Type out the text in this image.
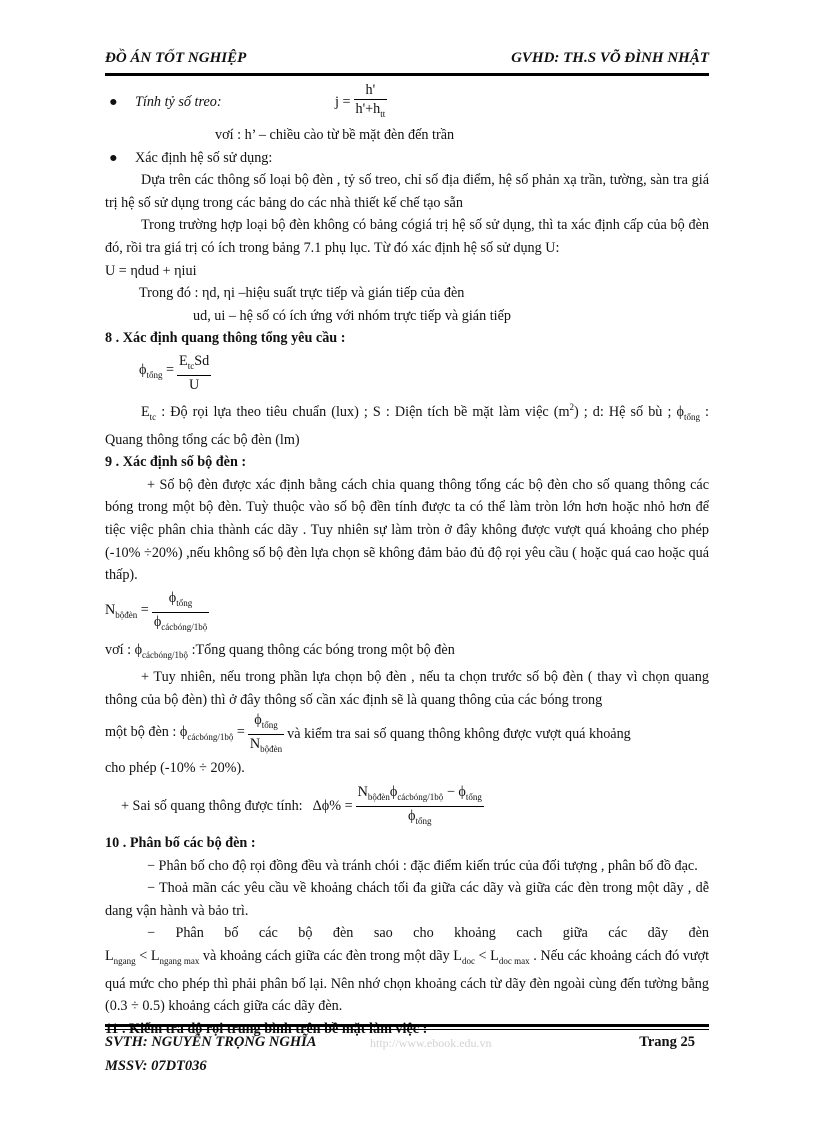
ĐỒ ÁN TỐT NGHIỆP	GVHD: TH.S VÕ ĐÌNH NHẬT
●	Tính tỷ số treo:	$j = \frac{h'}{h'+h_{tt}}$

vơí : h’ – chiều cào từ bề mặt đèn đến trần

● Xác định hệ số sử dụng:

Dựa trên các thông số loại bộ đèn , tỷ số treo, chỉ số địa điểm, hệ số phản xạ trần, tường, sàn tra giá trị hệ số sử dụng trong các bảng do các nhà thiết kế chế tạo sẵn

Trong trường hợp loại bộ đèn không có bảng cógiá trị hệ số sử dụng, thì ta xác định cấp của bộ đèn đó, rồi tra giá trị có ích trong bảng 7.1 phụ lục. Từ đó xác định hệ số sử dụng U:

U = ηdud + ηiui

Trong đó : ηd, ηi –hiệu suất trực tiếp và gián tiếp của đèn

ud, ui – hệ số có ích ứng với nhóm trực tiếp và gián tiếp

8 . Xác định quang thông tổng yêu cầu :

$\phi_{tổng} = \frac{E_{tc}Sd}{U}$

$E_{tc}$ : Độ rọi lựa theo tiêu chuẩn (lux) ; S : Diện tích bề mặt làm việc $(m^2)$ ; d: Hệ số bù ; $\phi_{tổng}$ : Quang thông tổng các bộ đèn (lm)

9 . Xác định số bộ đèn :

+ Số bộ đèn được xác định bằng cách chia quang thông tổng các bộ đèn cho số quang thông các bóng trong một bộ đèn. Tuỳ thuộc vào số bộ đền tính được ta có thể làm tròn lớn hơn hoặc nhỏ hơn để tiệc việc phân chia thành các dãy . Tuy nhiên sự làm tròn ở đây không được vượt quá khoảng cho phép (-10% ÷20%) ,nếu không số bộ đèn lựa chọn sẽ không đảm bảo đủ độ rọi yêu cầu ( hoặc quá cao hoặc quá thấp).

$N_{bộđèn} = \frac{\phi_{tổng}}{\phi_{cácbóng/1bộ}}$

vơí : $\phi_{cácbóng/1bộ}$ :Tổng quang thông các bóng trong một bộ đèn

+ Tuy nhiên, nếu trong phần lựa chọn bộ đèn , nếu ta chọn trước số bộ đèn ( thay vì chọn quang thông của bộ đèn) thì ở đây thông số cần xác định sẽ là quang thông của các bóng trong

một bộ đèn : $\phi_{cácbóng/1bộ} = \frac{\phi_{tổng}}{N_{bộđèn}}$ và kiểm tra sai số quang thông không được vượt quá khoảng

cho phép (-10% ÷ 20%).

+ Sai số quang thông được tính: $\Delta\phi\% = \frac{N_{bộđèn}\phi_{cácbóng/1bộ} - \phi_{tổng}}{\phi_{tổng}}$

10 . Phân bố các bộ đèn :

− Phân bố cho độ rọi đồng đều và tránh chói : đặc điểm kiến trúc của đối tượng , phân bố đồ đạc.

− Thoả mãn các yêu cầu về khoảng chách tối đa giữa các dãy và giữa các đèn trong một dãy , dễ dang vận hành và bảo trì.

− Phân bố các bộ đèn sao cho khoảng cach giữa các dãy đèn

$L_{ngang} < L_{ngang max}$ và khoảng cách giữa các đèn trong một dãy $L_{doc} < L_{doc max}$ . Nếu các khoảng cách đó vượt quá mức cho phép thì phải phân bố lại. Nên nhớ chọn khoảng cách từ dãy đèn ngoài cùng đến tường bằng (0.3 ÷ 0.5) khoảng cách giữa các dãy đèn.

SVTH: NGUYỄN TRỌNG NGHĨA	http://www.ebook.edu.vn	Trang 25
MSSV: 07DT036
